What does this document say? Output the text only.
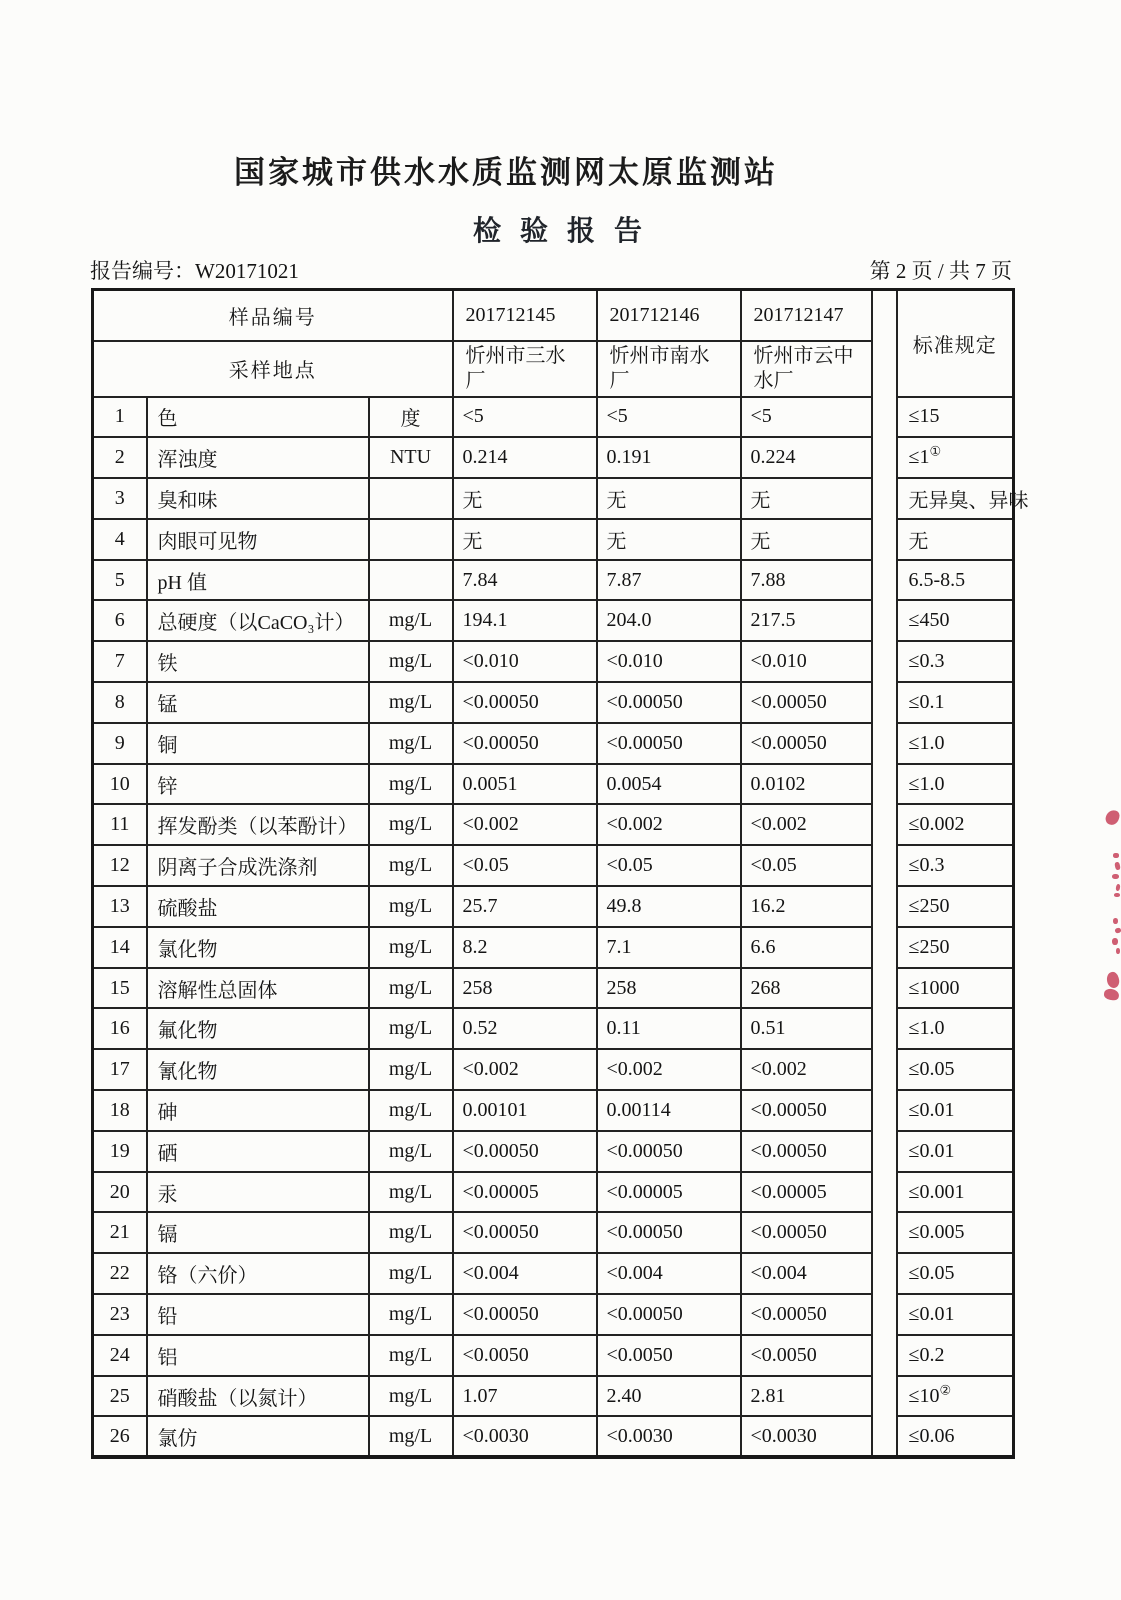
国家城市供水水质监测网太原监测站
检 验 报 告
报告编号：W20171021	第 2 页 / 共 7 页
样品编号			201712145	201712146	201712147		标准规定
采样地点			忻州市三水厂	忻州市南水厂	忻州市云中水厂		
1	色	度	<5	<5	<5		≤15
2	浑浊度	NTU	0.214	0.191	0.224		≤1①
3	臭和味		无	无	无		无异臭、异味
4	肉眼可见物		无	无	无		无
5	pH 值		7.84	7.87	7.88		6.5-8.5
6	总硬度（以CaCO₃计）	mg/L	194.1	204.0	217.5		≤450
7	铁	mg/L	<0.010	<0.010	<0.010		≤0.3
8	锰	mg/L	<0.00050	<0.00050	<0.00050		≤0.1
9	铜	mg/L	<0.00050	<0.00050	<0.00050		≤1.0
10	锌	mg/L	0.0051	0.0054	0.0102		≤1.0
11	挥发酚类（以苯酚计）	mg/L	<0.002	<0.002	<0.002		≤0.002
12	阴离子合成洗涤剂	mg/L	<0.05	<0.05	<0.05		≤0.3
13	硫酸盐	mg/L	25.7	49.8	16.2		≤250
14	氯化物	mg/L	8.2	7.1	6.6		≤250
15	溶解性总固体	mg/L	258	258	268		≤1000
16	氟化物	mg/L	0.52	0.11	0.51		≤1.0
17	氰化物	mg/L	<0.002	<0.002	<0.002		≤0.05
18	砷	mg/L	0.00101	0.00114	<0.00050		≤0.01
19	硒	mg/L	<0.00050	<0.00050	<0.00050		≤0.01
20	汞	mg/L	<0.00005	<0.00005	<0.00005		≤0.001
21	镉	mg/L	<0.00050	<0.00050	<0.00050		≤0.005
22	铬（六价）	mg/L	<0.004	<0.004	<0.004		≤0.05
23	铅	mg/L	<0.00050	<0.00050	<0.00050		≤0.01
24	铝	mg/L	<0.0050	<0.0050	<0.0050		≤0.2
25	硝酸盐（以氮计）	mg/L	1.07	2.40	2.81		≤10②
26	氯仿	mg/L	<0.0030	<0.0030	<0.0030		≤0.06
